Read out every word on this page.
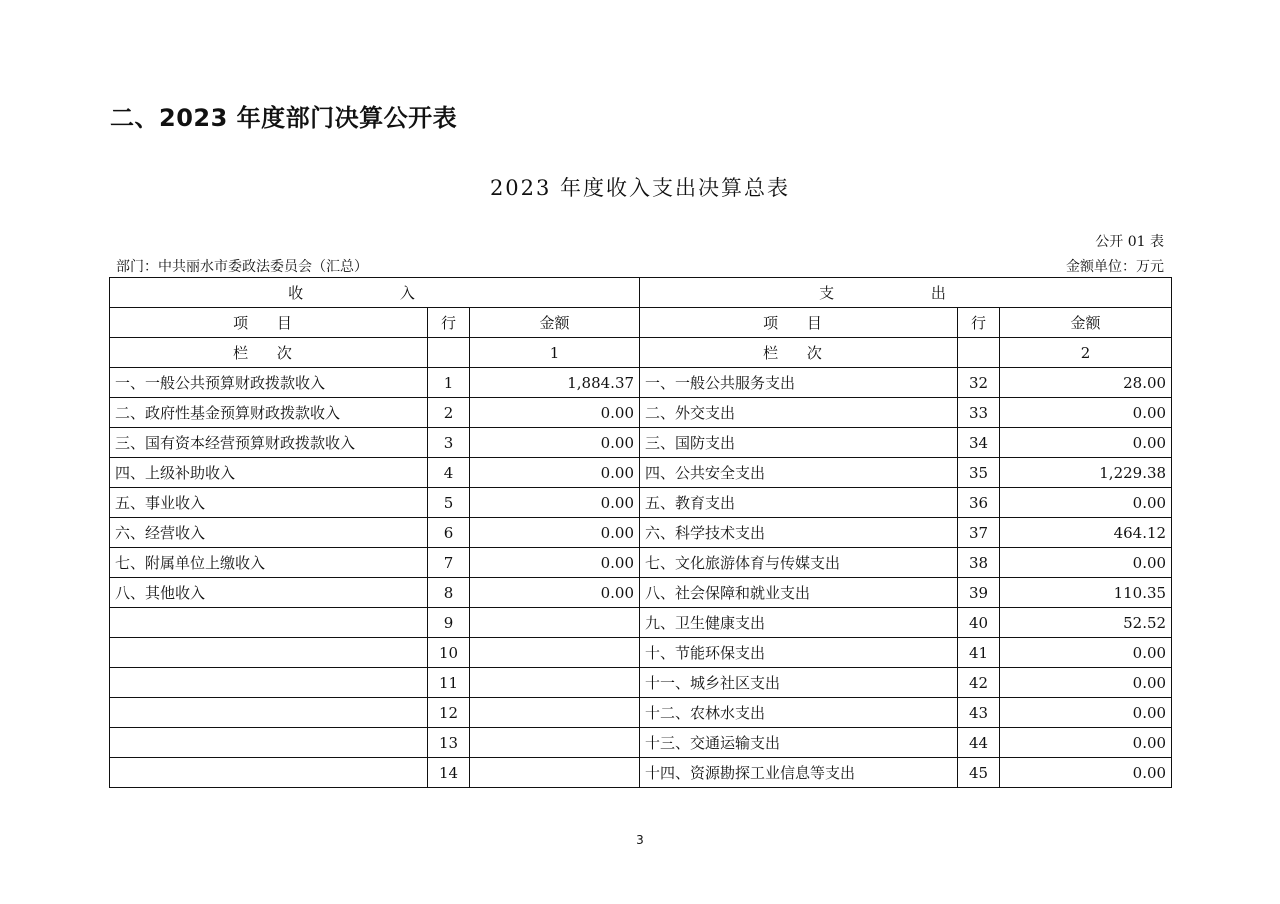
二、2023 年度部门决算公开表
2023 年度收入支出决算总表
公开 01 表
部门：中共丽水市委政法委员会（汇总）	金额单位：万元
收 入			支 出		
项 目	行	金额	项 目	行	金额
栏 次		1	栏 次		2
一、一般公共预算财政拨款收入	1	1,884.37	一、一般公共服务支出	32	28.00
二、政府性基金预算财政拨款收入	2	0.00	二、外交支出	33	0.00
三、国有资本经营预算财政拨款收入	3	0.00	三、国防支出	34	0.00
四、上级补助收入	4	0.00	四、公共安全支出	35	1,229.38
五、事业收入	5	0.00	五、教育支出	36	0.00
六、经营收入	6	0.00	六、科学技术支出	37	464.12
七、附属单位上缴收入	7	0.00	七、文化旅游体育与传媒支出	38	0.00
八、其他收入	8	0.00	八、社会保障和就业支出	39	110.35
	9		九、卫生健康支出	40	52.52
	10		十、节能环保支出	41	0.00
	11		十一、城乡社区支出	42	0.00
	12		十二、农林水支出	43	0.00
	13		十三、交通运输支出	44	0.00
	14		十四、资源勘探工业信息等支出	45	0.00
3
